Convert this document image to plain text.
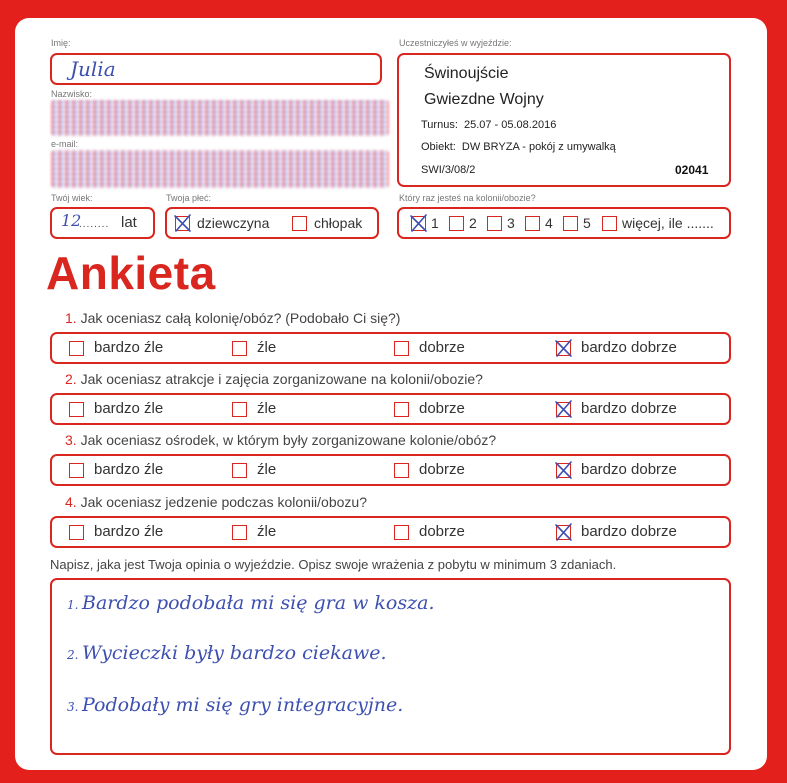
Imię:
Julia
Nazwisko:
e-mail:
Uczestniczyłeś w wyjeździe:
Świnoujście
Gwiezdne Wojny
Turnus: 25.07 - 05.08.2016
Obiekt: DW BRYZA - pokój z umywalką
SWI/3/08/2	02041
Twój wiek:
12
........ lat
Twoja płeć:
dziewczyna	chłopak
Który raz jesteś na kolonii/obozie?
1 2 3 4 5 więcej, ile .......
Ankieta
1. Jak oceniasz całą kolonię/obóz? (Podobało Ci się?)
bardzo źle	źle	dobrze	bardzo dobrze
2. Jak oceniasz atrakcje i zajęcia zorganizowane na kolonii/obozie?
bardzo źle	źle	dobrze	bardzo dobrze
3. Jak oceniasz ośrodek, w którym były zorganizowane kolonie/obóz?
bardzo źle	źle	dobrze	bardzo dobrze
4. Jak oceniasz jedzenie podczas kolonii/obozu?
bardzo źle	źle	dobrze	bardzo dobrze
Napisz, jaka jest Twoja opinia o wyjeździe. Opisz swoje wrażenia z pobytu w minimum 3 zdaniach.
1. Bardzo podobała mi się gra w kosza.
2. Wycieczki były bardzo ciekawe.
3. Podobały mi się gry integracyjne.
